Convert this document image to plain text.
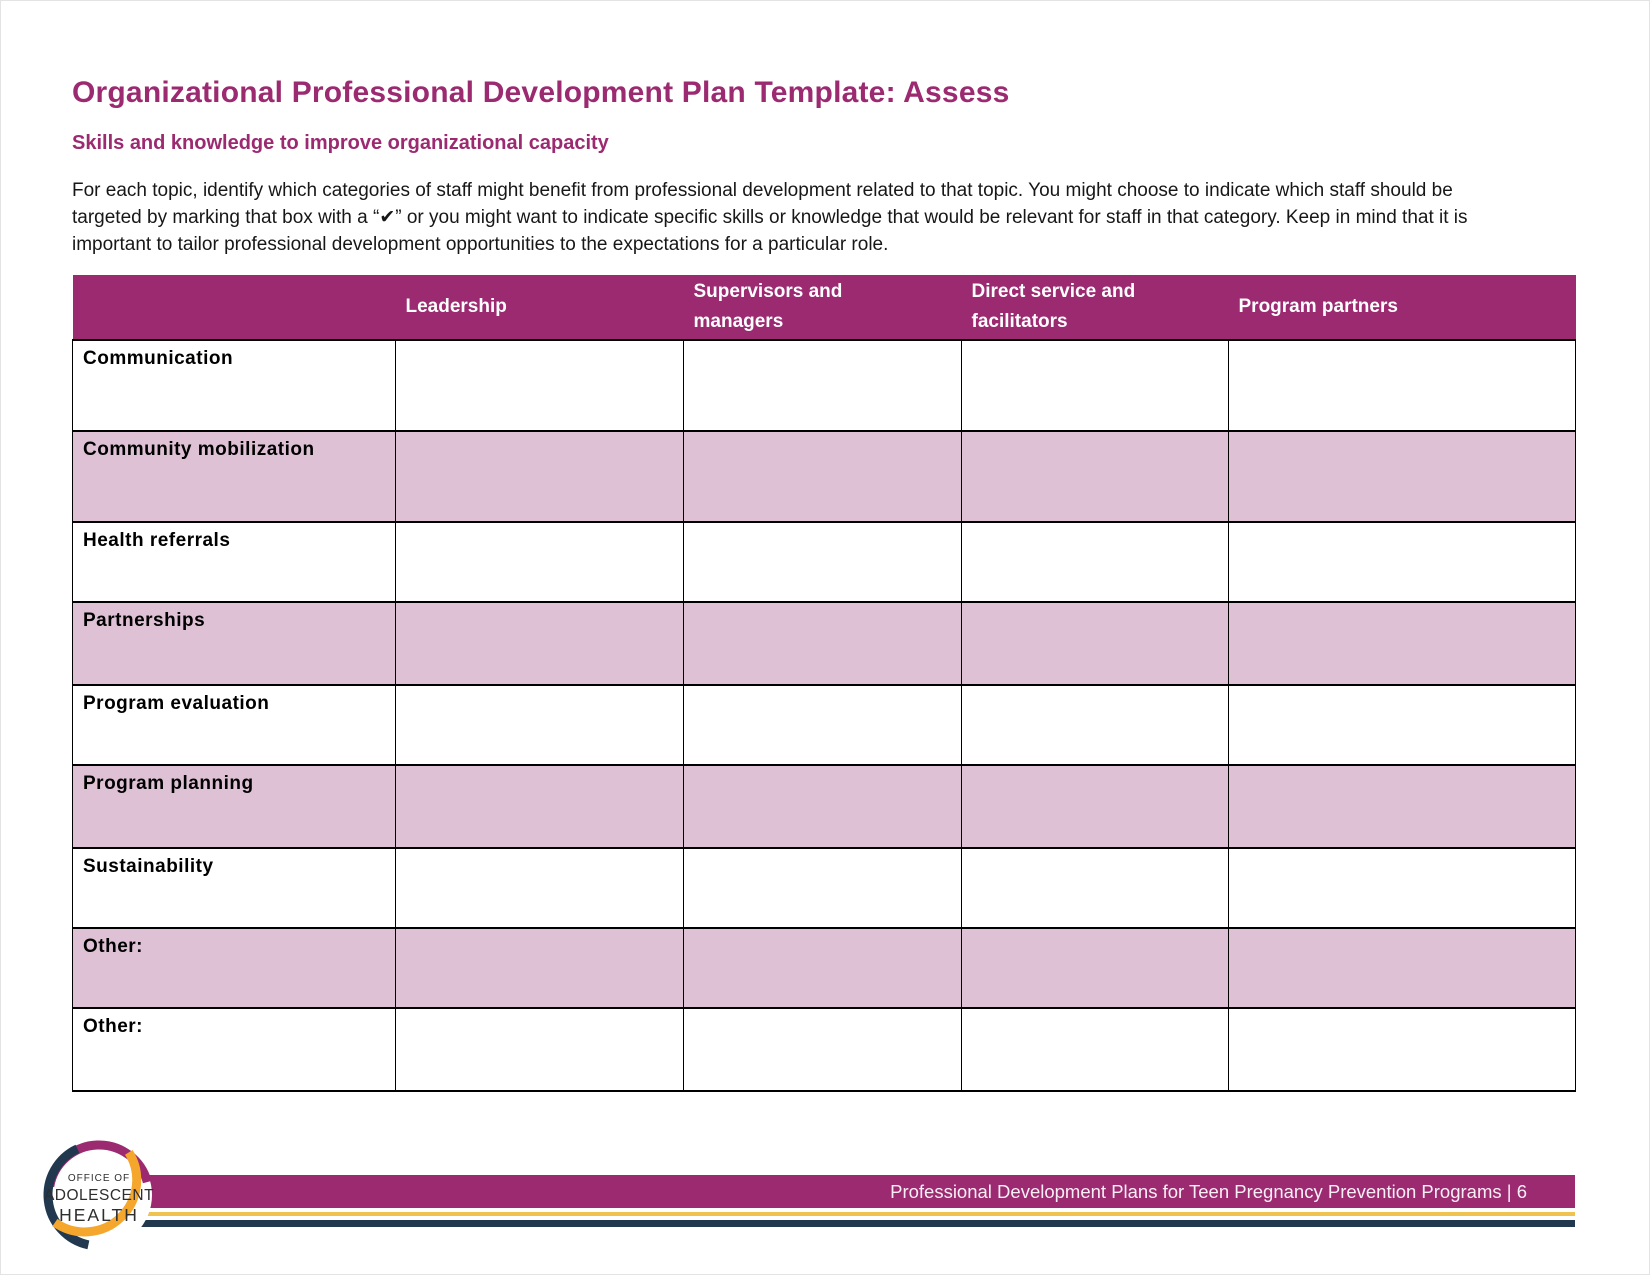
Organizational Professional Development Plan Template: Assess
Skills and knowledge to improve organizational capacity

For each topic, identify which categories of staff might benefit from professional development related to that topic. You might choose to indicate which staff should be targeted by marking that box with a “✔” or you might want to indicate specific skills or knowledge that would be relevant for staff in that category. Keep in mind that it is important to tailor professional development opportunities to the expectations for a particular role.

	Leadership	Supervisors and managers	Direct service and facilitators	Program partners
Communication				
Community mobilization				
Health referrals				
Partnerships				
Program evaluation				
Program planning				
Sustainability				
Other:				
Other:				
Professional Development Plans for Teen Pregnancy Prevention Programs | 6
OFFICE OF
ADOLESCENT
HEALTH
